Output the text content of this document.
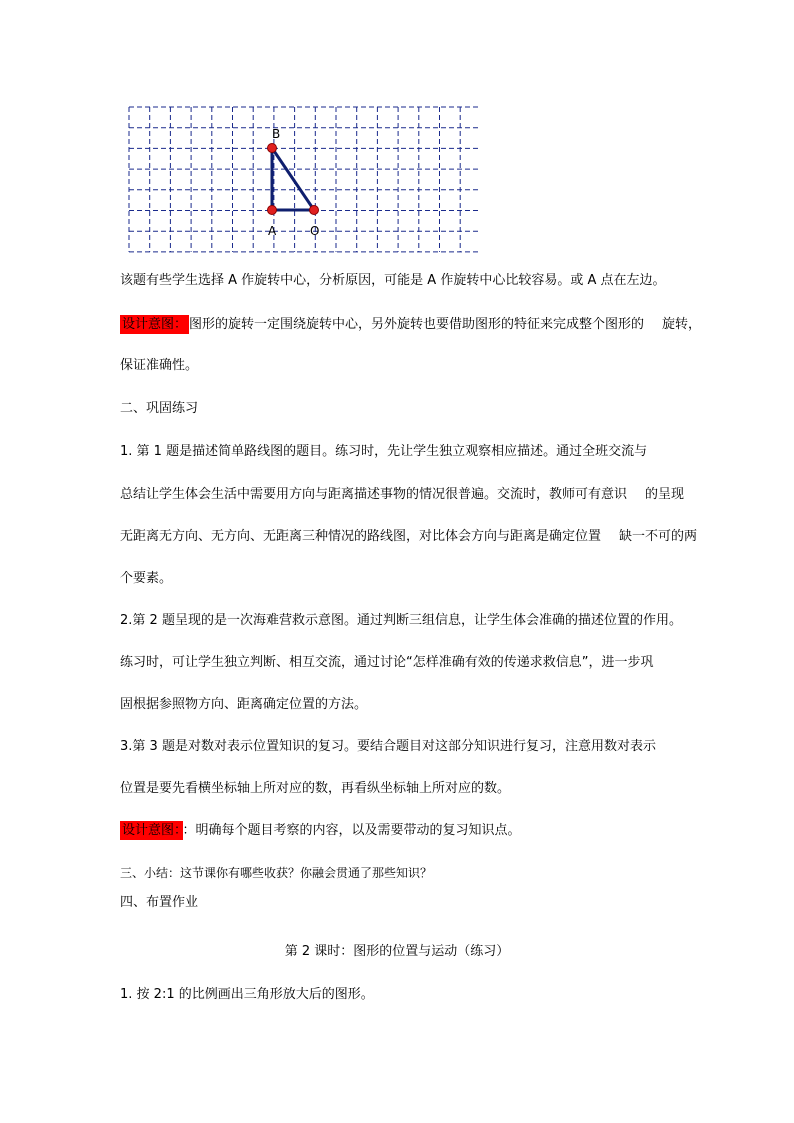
B
A	O
该题有些学生选择 A 作旋转中心，分析原因，可能是 A 作旋转中心比较容易。或 A 点在左边。
设计意图： 图形的旋转一定围绕旋转中心，另外旋转也要借助图形的特征来完成整个图形的 旋转，
保证准确性。
二、巩固练习
1. 第 1 题是描述简单路线图的题目。练习时，先让学生独立观察相应描述。通过全班交流与
总结让学生体会生活中需要用方向与距离描述事物的情况很普遍。交流时，教师可有意识 的呈现
无距离无方向、无方向、无距离三种情况的路线图，对比体会方向与距离是确定位置 缺一不可的两
个要素。
2.第 2 题呈现的是一次海难营救示意图。通过判断三组信息，让学生体会准确的描述位置的作用。
练习时，可让学生独立判断、相互交流，通过讨论“怎样准确有效的传递求救信息”，进一步巩
固根据参照物方向、距离确定位置的方法。
3.第 3 题是对数对表示位置知识的复习。要结合题目对这部分知识进行复习，注意用数对表示
位置是要先看横坐标轴上所对应的数，再看纵坐标轴上所对应的数。
设计意图： ：明确每个题目考察的内容，以及需要带动的复习知识点。
三、小结：这节课你有哪些收获？你融会贯通了那些知识？
四、布置作业
第 2 课时：图形的位置与运动（练习）
1. 按 2:1 的比例画出三角形放大后的图形。
